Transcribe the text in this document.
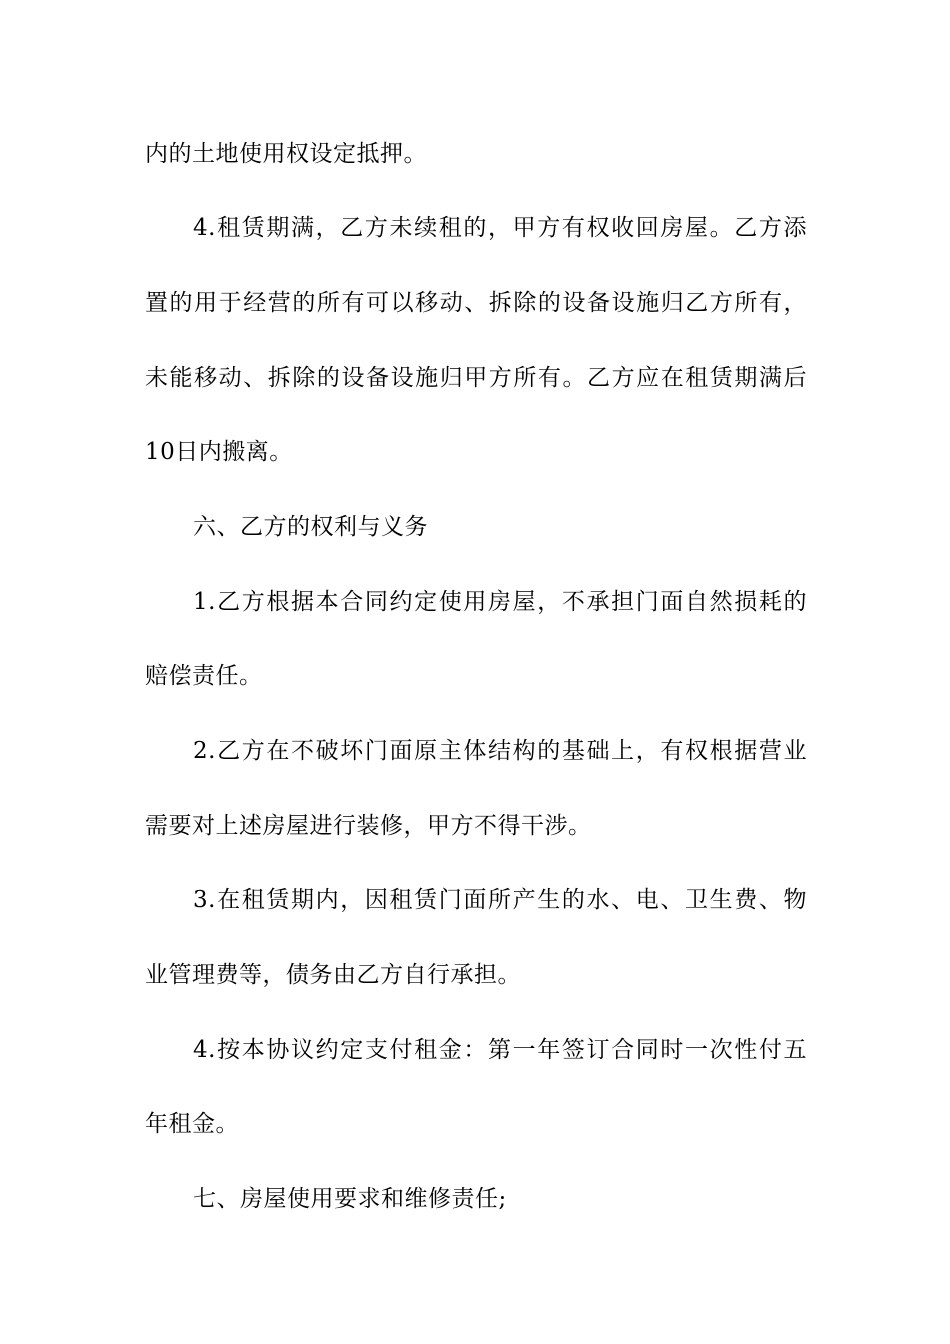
内的土地使用权设定抵押。
4.租赁期满，乙方未续租的，甲方有权收回房屋。乙方添
置的用于经营的所有可以移动、拆除的设备设施归乙方所有，
未能移动、拆除的设备设施归甲方所有。乙方应在租赁期满后
10日内搬离。
六、乙方的权利与义务
1.乙方根据本合同约定使用房屋，不承担门面自然损耗的
赔偿责任。
2.乙方在不破坏门面原主体结构的基础上，有权根据营业
需要对上述房屋进行装修，甲方不得干涉。
3.在租赁期内，因租赁门面所产生的水、电、卫生费、物
业管理费等，债务由乙方自行承担。
4.按本协议约定支付租金：第一年签订合同时一次性付五
年租金。
七、房屋使用要求和维修责任;
